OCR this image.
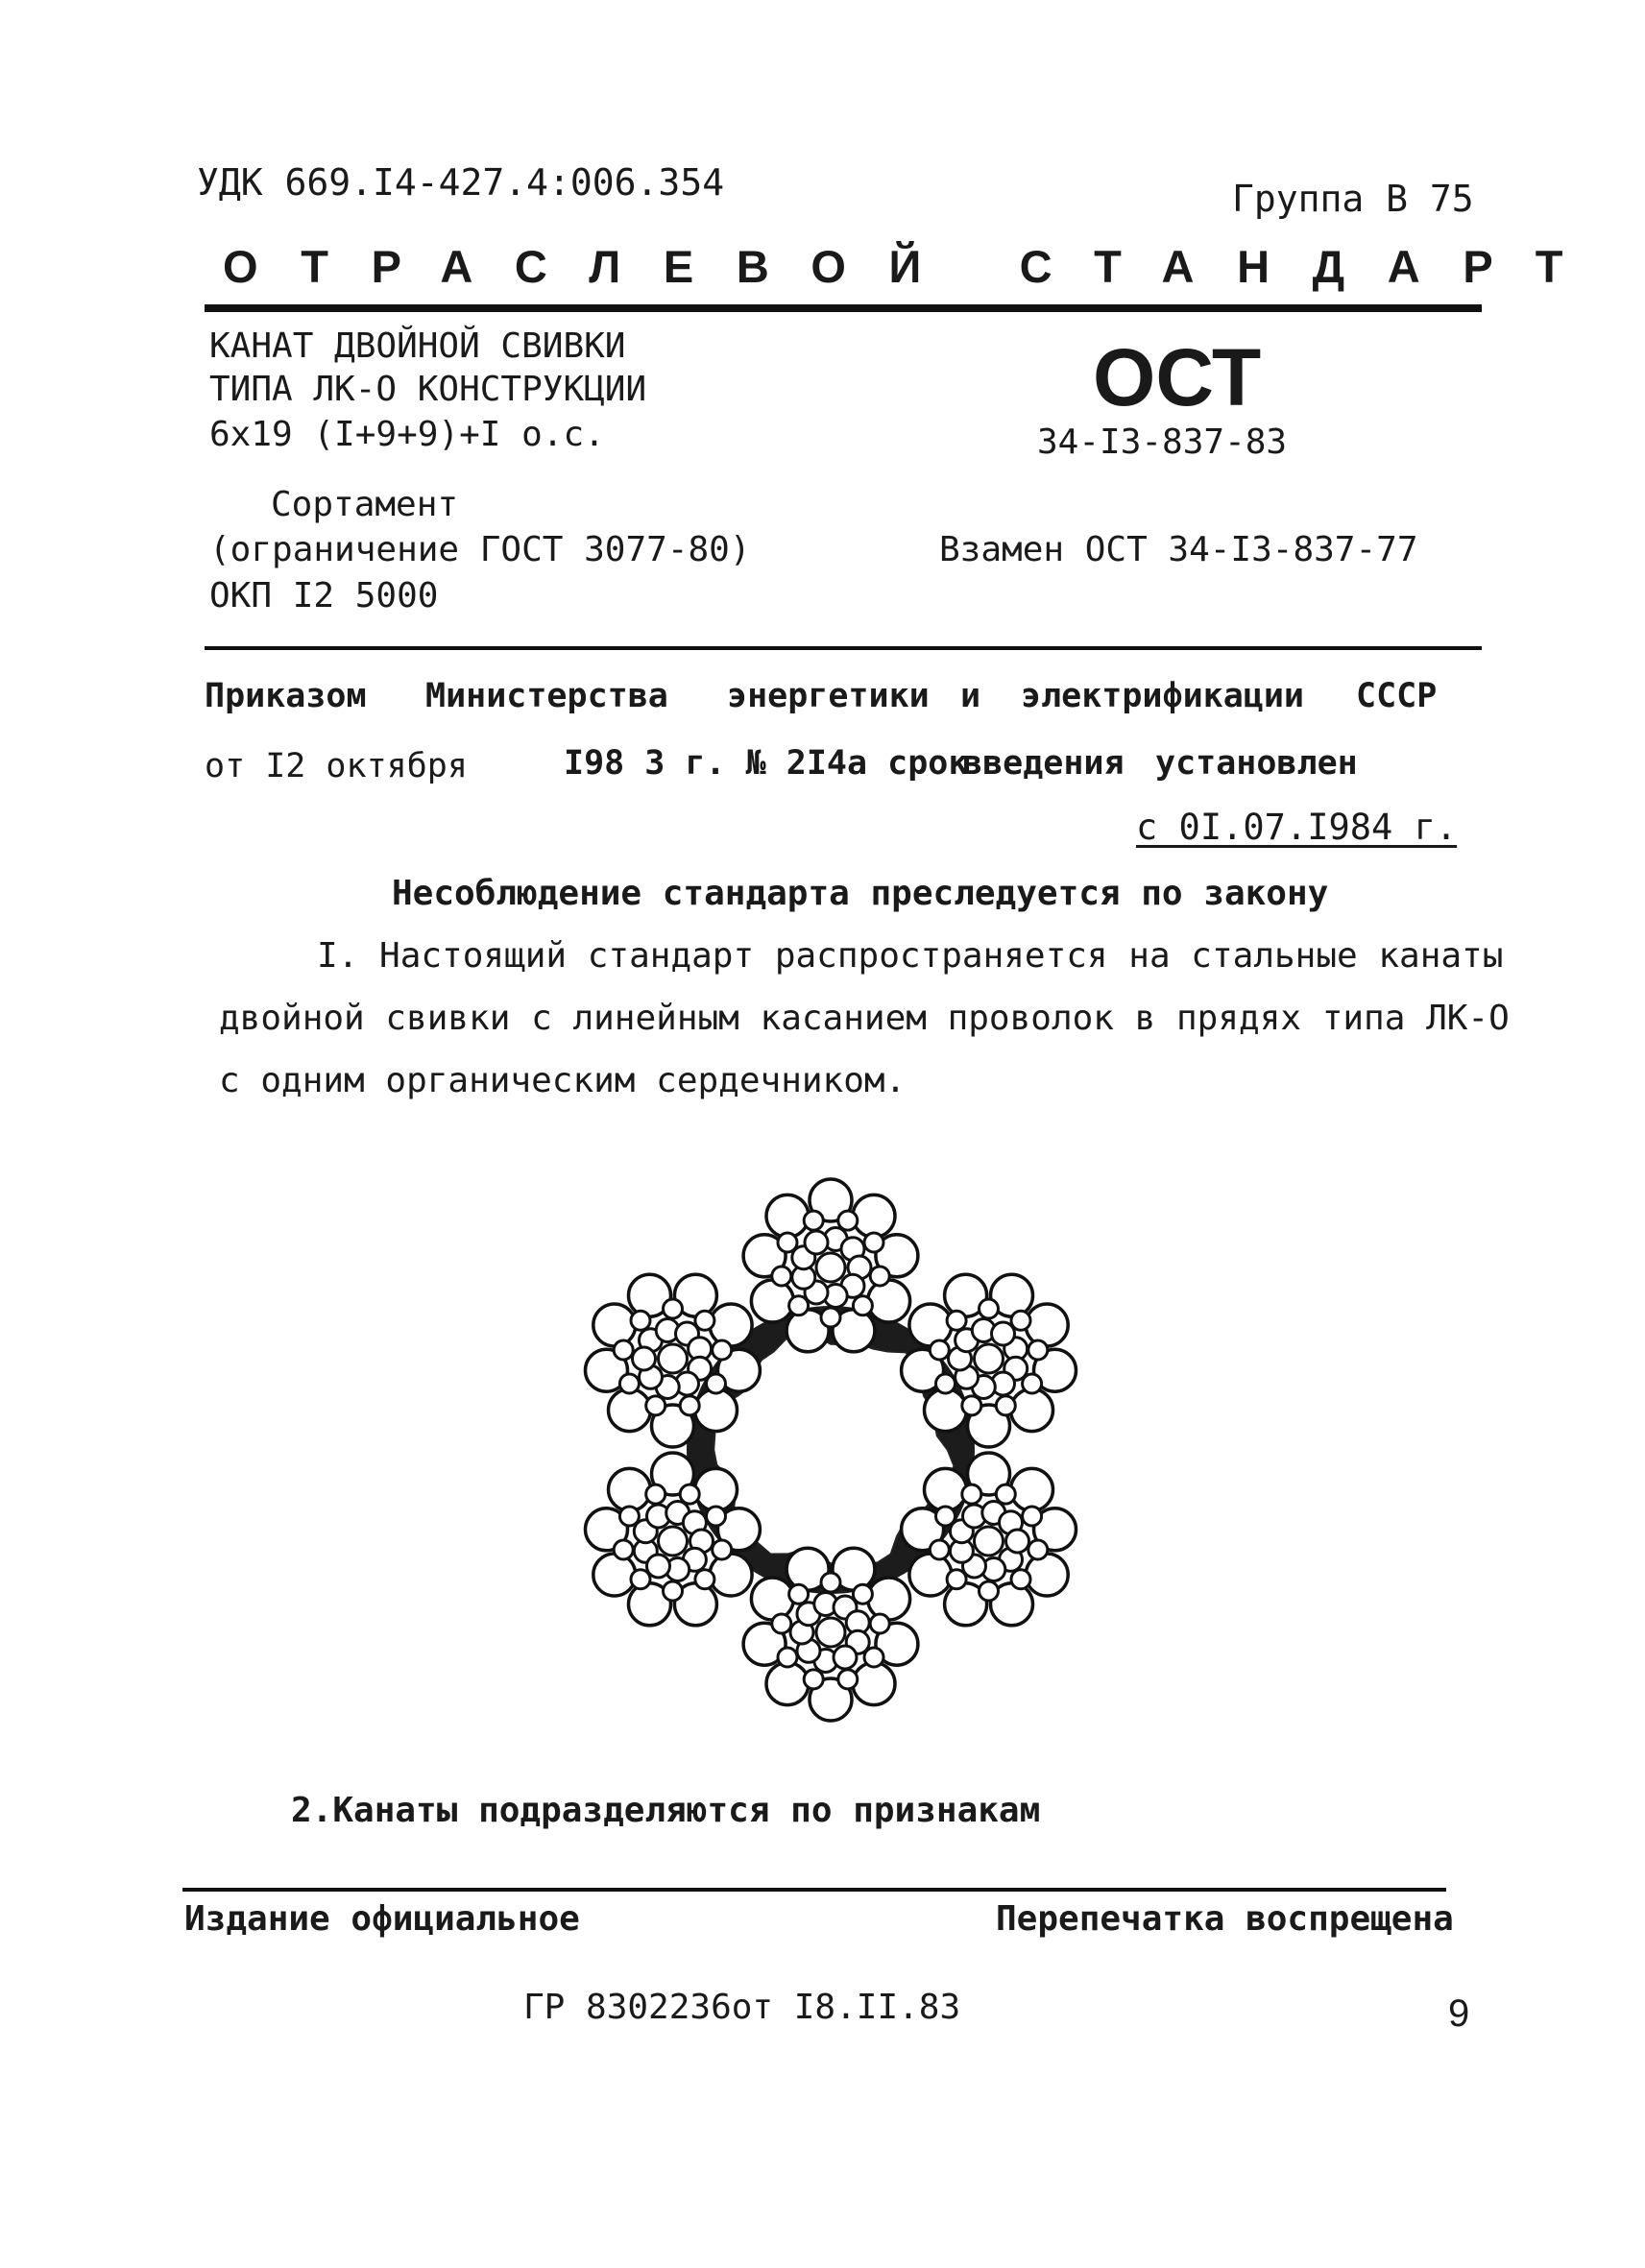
УДК 669.I4-427.4:006.354	Группа В 75
ОТРАСЛЕВОЙ СТАНДАРТ
КАНАТ ДВОЙНОЙ СВИВКИ
ТИПА ЛК-О КОНСТРУКЦИИ
6х19 (I+9+9)+I о.с.
Сортамент
(ограничение ГОСТ 3077-80)
ОКП I2 5000
ОСТ
34-I3-837-83
Взамен ОСТ 34-I3-837-77
Приказом Министерства энергетики и электрификации СССР
от I2 октября	I98 3 г. № 2I4а срок
введения установлен
с 0I.07.I984 г.
Несоблюдение стандарта преследуется по закону
I. Настоящий стандарт распространяется на стальные канаты
двойной свивки с линейным касанием проволок в прядях типа ЛК-О
с одним органическим сердечником.
2.Канаты подразделяются по признакам
Издание официальное	Перепечатка воспрещена
ГР 8302236от I8.II.83	9
